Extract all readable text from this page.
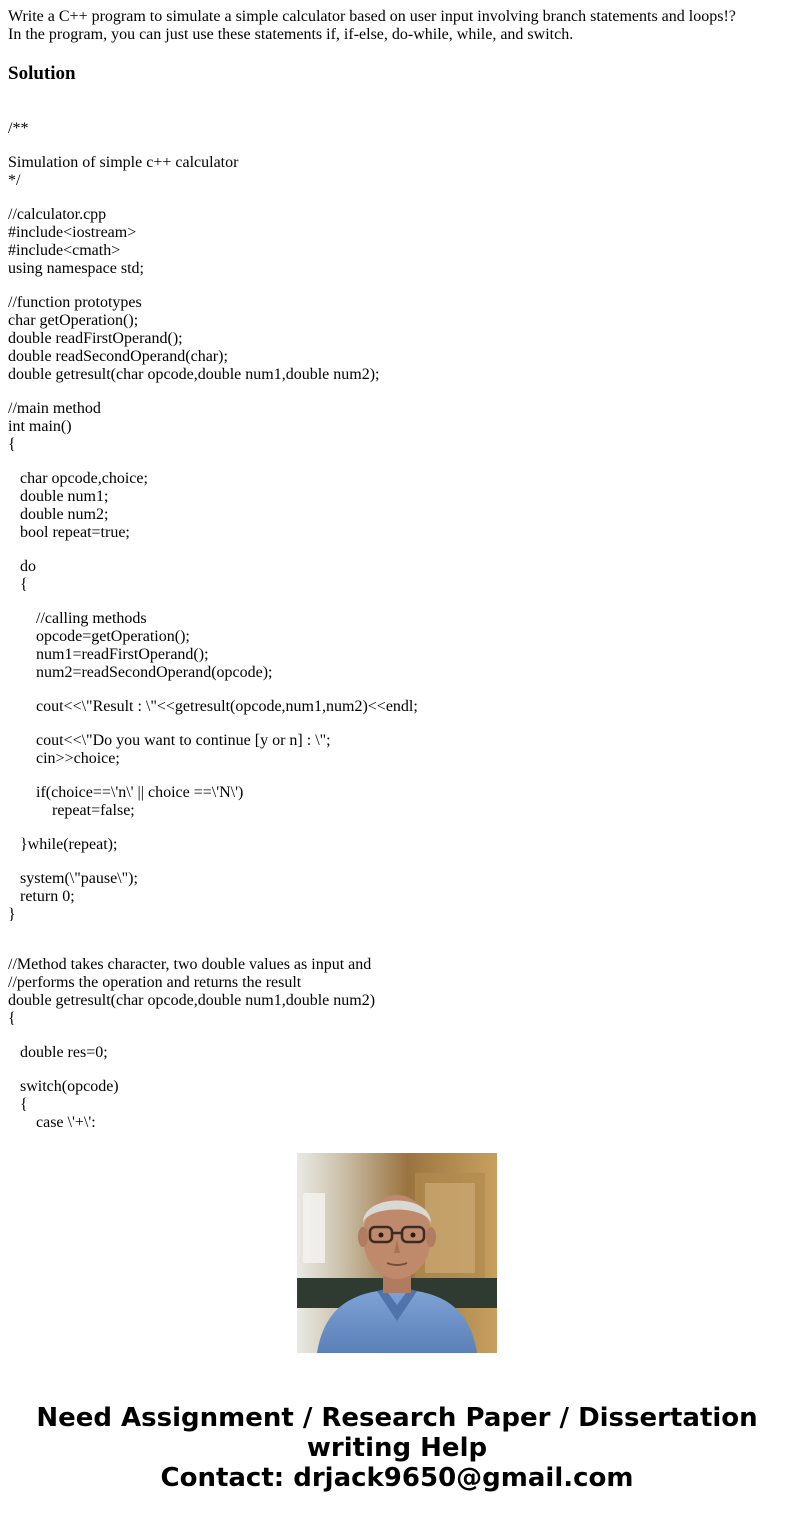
Write a C++ program to simulate a simple calculator based on user input involving branch statements and loops!?
In the program, you can just use these statements if, if-else, do-while, while, and switch.
Solution
/**
Simulation of simple c++ calculator
*/
//calculator.cpp
#include<iostream>
#include<cmath>
using namespace std;
//function prototypes
char getOperation();
double readFirstOperand();
double readSecondOperand(char);
double getresult(char opcode,double num1,double num2);
//main method
int main()
{
char opcode,choice;
double num1;
double num2;
bool repeat=true;
do
{
//calling methods
opcode=getOperation();
num1=readFirstOperand();
num2=readSecondOperand(opcode);
cout<<\"Result : \"<<getresult(opcode,num1,num2)<<endl;
cout<<\"Do you want to continue [y or n] : \";
cin>>choice;
if(choice==\'n\' || choice ==\'N\')
repeat=false;
}while(repeat);
system(\"pause\");
return 0;
}
//Method takes character, two double values as input and
//performs the operation and returns the result
double getresult(char opcode,double num1,double num2)
{
double res=0;
switch(opcode)
{
case \'+\':
Need Assignment / Research Paper / Dissertation
writing Help
Contact: drjack9650@gmail.com
